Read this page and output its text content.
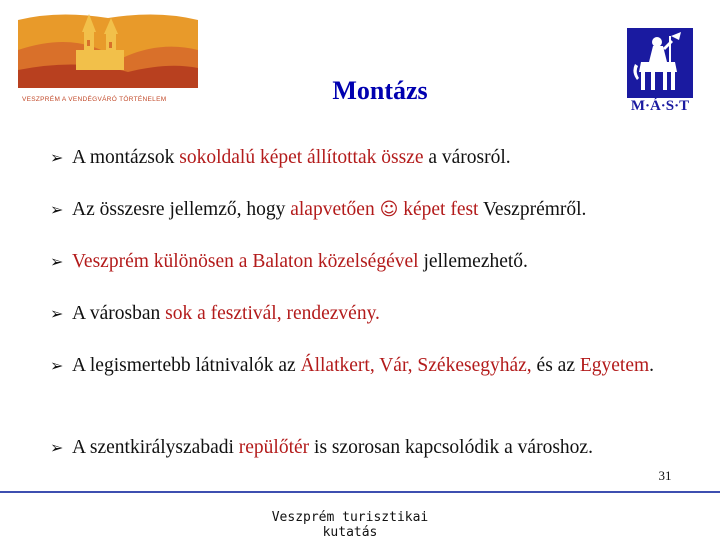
VESZPRÉM A VENDÉGVÁRÓ TÖRTÉNELEM	Montázs
M·Á·S·T
➢ A montázsok sokoldalú képet állítottak össze a városról.
➢ Az összesre jellemző, hogy alapvetően ☺ képet fest Veszprémről.
➢ Veszprém különösen a Balaton közelségével jellemezhető.
➢ A városban sok a fesztivál, rendezvény.
➢ A legismertebb látnivalók az Állatkert, Vár, Székesegyház, és az Egyetem.
➢ A szentkirályszabadi repülőtér is szorosan kapcsolódik a városhoz.
31
Veszprém turisztikai kutatás
